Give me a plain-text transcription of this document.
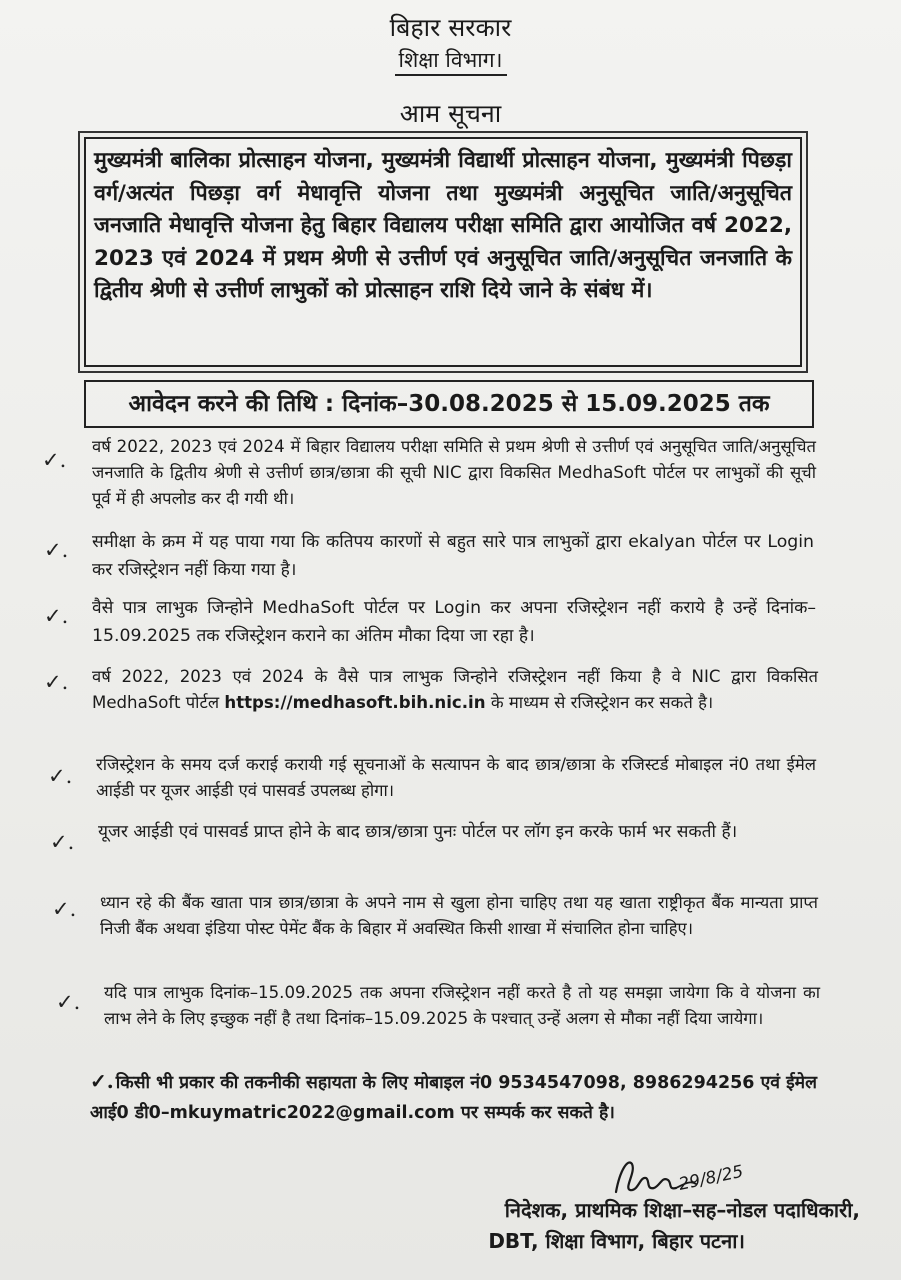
बिहार सरकार
शिक्षा विभाग।
आम सूचना
मुख्यमंत्री बालिका प्रोत्साहन योजना, मुख्यमंत्री विद्यार्थी प्रोत्साहन योजना, मुख्यमंत्री पिछड़ा वर्ग/अत्यंत पिछड़ा वर्ग मेधावृत्ति योजना तथा मुख्यमंत्री अनुसूचित जाति/अनुसूचित जनजाति मेधावृत्ति योजना हेतु बिहार विद्यालय परीक्षा समिति द्वारा आयोजित वर्ष 2022, 2023 एवं 2024 में प्रथम श्रेणी से उत्तीर्ण एवं अनुसूचित जाति/अनुसूचित जनजाति के द्वितीय श्रेणी से उत्तीर्ण लाभुकों को प्रोत्साहन राशि दिये जाने के संबंध में।
आवेदन करने की तिथि : दिनांक–30.08.2025 से 15.09.2025 तक
✓.
वर्ष 2022, 2023 एवं 2024 में बिहार विद्यालय परीक्षा समिति से प्रथम श्रेणी से उत्तीर्ण एवं अनुसूचित जाति/अनुसूचित जनजाति के द्वितीय श्रेणी से उत्तीर्ण छात्र/छात्रा की सूची NIC द्वारा विकसित MedhaSoft पोर्टल पर लाभुकों की सूची पूर्व में ही अपलोड कर दी गयी थी।
✓. समीक्षा के क्रम में यह पाया गया कि कतिपय कारणों से बहुत सारे पात्र लाभुकों द्वारा ekalyan पोर्टल पर Login कर रजिस्ट्रेशन नहीं किया गया है।
✓. वैसे पात्र लाभुक जिन्होने MedhaSoft पोर्टल पर Login कर अपना रजिस्ट्रेशन नहीं कराये है उन्हें दिनांक–15.09.2025 तक रजिस्ट्रेशन कराने का अंतिम मौका दिया जा रहा है।
✓. वर्ष 2022, 2023 एवं 2024 के वैसे पात्र लाभुक जिन्होने रजिस्ट्रेशन नहीं किया है वे NIC द्वारा विकसित MedhaSoft पोर्टल https://medhasoft.bih.nic.in के माध्यम से रजिस्ट्रेशन कर सकते है।
✓. रजिस्ट्रेशन के समय दर्ज कराई करायी गई सूचनाओं के सत्यापन के बाद छात्र/छात्रा के रजिस्टर्ड मोबाइल नं0 तथा ईमेल आईडी पर यूजर आईडी एवं पासवर्ड उपलब्ध होगा।
✓. यूजर आईडी एवं पासवर्ड प्राप्त होने के बाद छात्र/छात्रा पुनः पोर्टल पर लॉग इन करके फार्म भर सकती हैं।
✓. ध्यान रहे की बैंक खाता पात्र छात्र/छात्रा के अपने नाम से खुला होना चाहिए तथा यह खाता राष्ट्रीकृत बैंक मान्यता प्राप्त निजी बैंक अथवा इंडिया पोस्ट पेमेंट बैंक के बिहार में अवस्थित किसी शाखा में संचालित होना चाहिए।
✓. यदि पात्र लाभुक दिनांक–15.09.2025 तक अपना रजिस्ट्रेशन नहीं करते है तो यह समझा जायेगा कि वे योजना का लाभ लेने के लिए इच्छुक नहीं है तथा दिनांक–15.09.2025 के पश्चात् उन्हें अलग से मौका नहीं दिया जायेगा।
✓. किसी भी प्रकार की तकनीकी सहायता के लिए मोबाइल नं0 9534547098, 8986294256 एवं ईमेल आई0 डी0–mkuymatric2022@gmail.com पर सम्पर्क कर सकते है।
29/8/25
निदेशक, प्राथमिक शिक्षा–सह–नोडल पदाधिकारी,
DBT, शिक्षा विभाग, बिहार पटना।
